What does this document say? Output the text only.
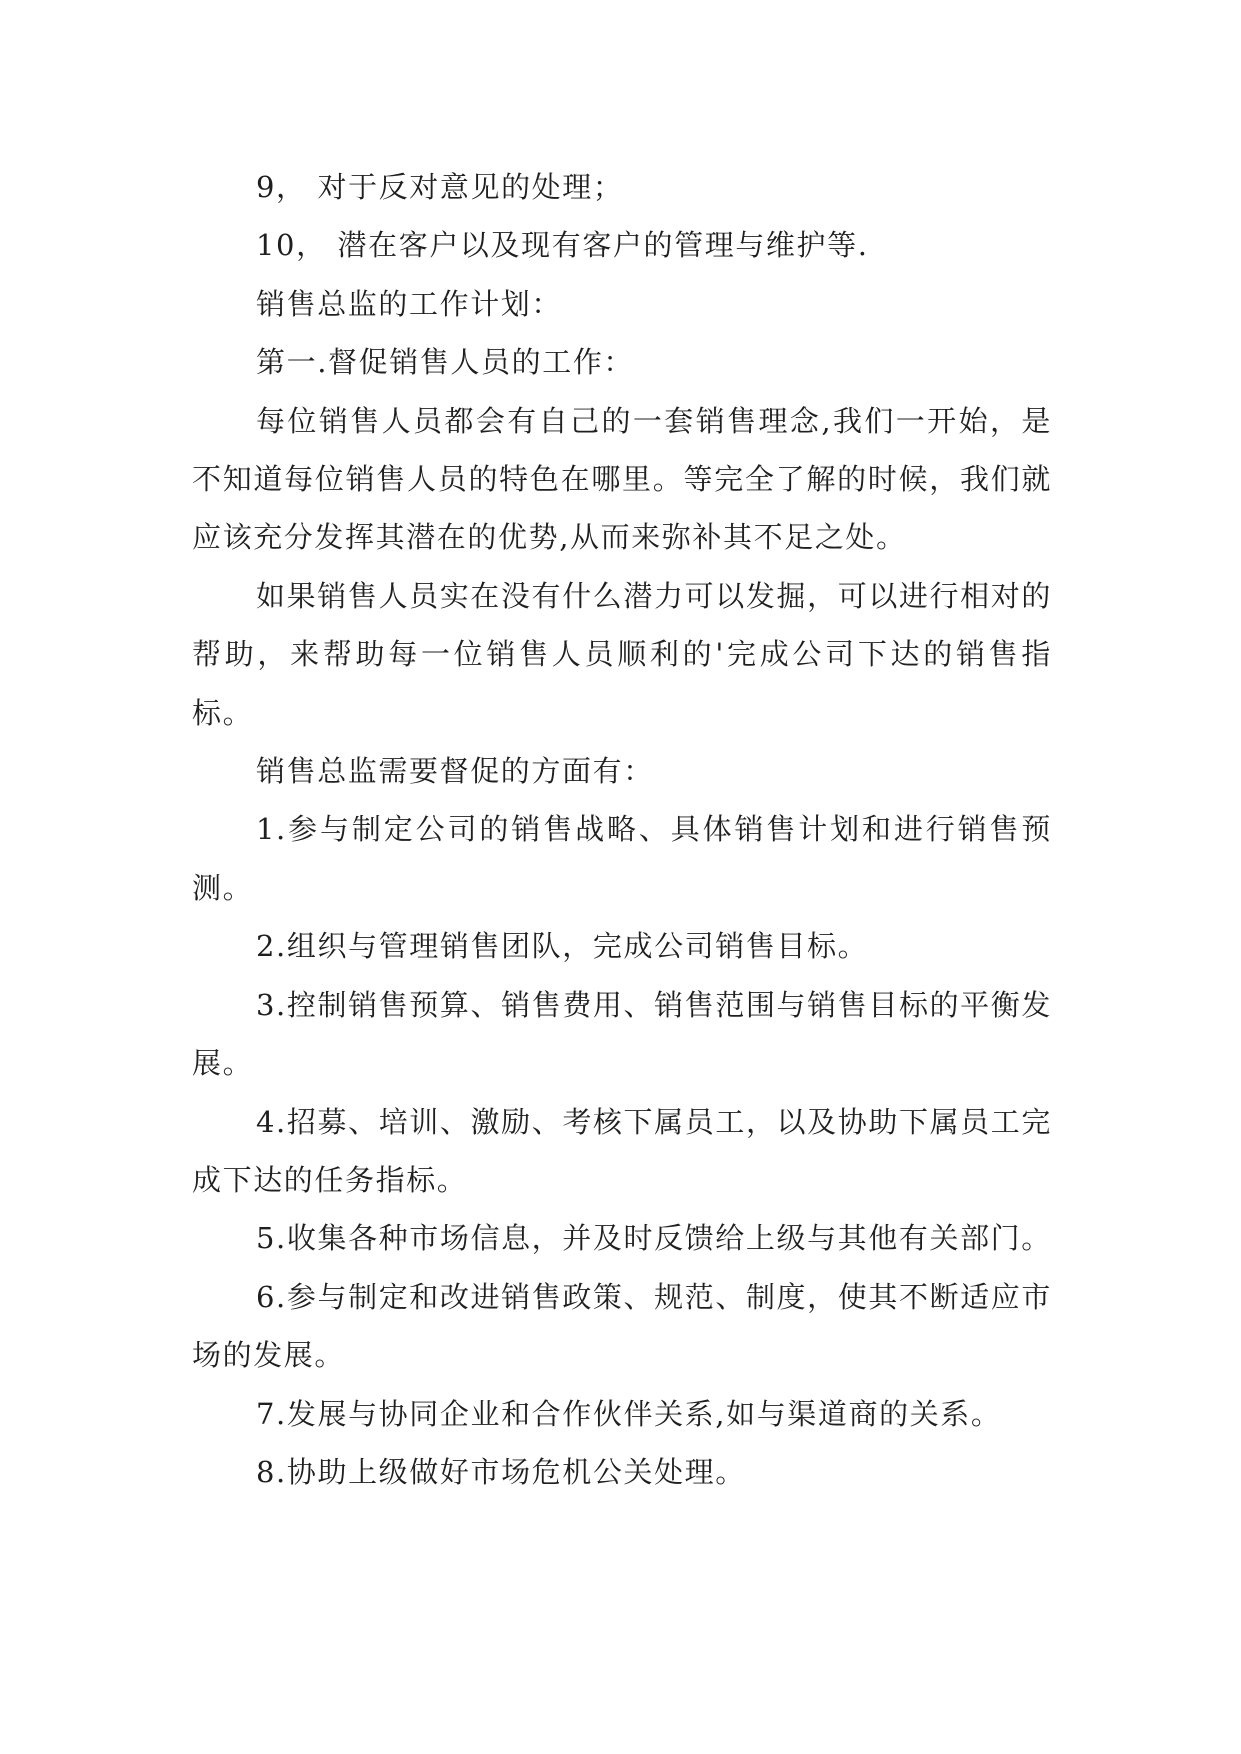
9， 对于反对意见的处理；

10， 潜在客户以及现有客户的管理与维护等.

销售总监的工作计划：

第一.督促销售人员的工作：

每位销售人员都会有自己的一套销售理念,我们一开始，是不知道每位销售人员的特色在哪里。等完全了解的时候，我们就应该充分发挥其潜在的优势,从而来弥补其不足之处。

如果销售人员实在没有什么潜力可以发掘，可以进行相对的帮助，来帮助每一位销售人员顺利的'完成公司下达的销售指标。

销售总监需要督促的方面有：

1.参与制定公司的销售战略、具体销售计划和进行销售预测。

2.组织与管理销售团队，完成公司销售目标。

3.控制销售预算、销售费用、销售范围与销售目标的平衡发展。

4.招募、培训、激励、考核下属员工，以及协助下属员工完成下达的任务指标。

5.收集各种市场信息，并及时反馈给上级与其他有关部门。

6.参与制定和改进销售政策、规范、制度，使其不断适应市场的发展。

7.发展与协同企业和合作伙伴关系,如与渠道商的关系。

8.协助上级做好市场危机公关处理。
